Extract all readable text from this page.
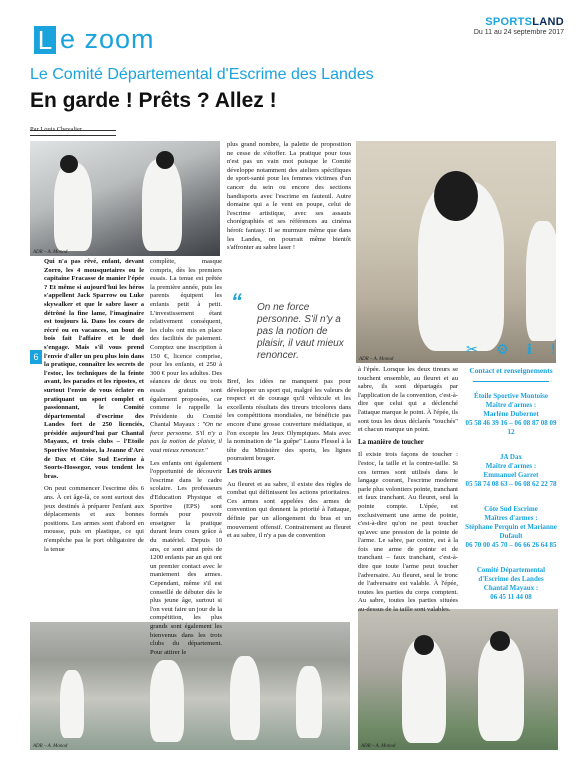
L e zoom
SPORTSLAND
Du 11 au 24 septembre 2017
Le Comité Départemental d'Escrime des Landes
En garde ! Prêts ? Allez !
Par Louis Chevalier
ADR – A. Monod
ADR – A. Monod
ADR – A. Monod	ADR – A. Monod
6

Qui n'a pas rêvé, enfant, devant Zorro, les 4 mousquetaires ou le capitaine Fracasse de manier l'épée ? Et même si aujourd'hui les héros s'appellent Jack Sparrow ou Luke skywalker et que le sabre laser a détrôné la fine lame, l'imaginaire est toujours là. Dans les cours de récré ou en vacances, un bout de bois fait l'affaire et le duel s'engage. Mais s'il vous prend l'envie d'aller un peu plus loin dans la pratique, connaître les secrets de l'estoc, les techniques de la feinte avant, les parades et les ripostes, et surtout l'envie de vous éclater en pratiquant un sport complet et passionnant, le Comité départemental d'escrime des Landes fort de 250 licenciés, présidée aujourd'hui par Chantal Mayaux, et trois clubs – l'Etoile Sportive Montoise, la Jeanne d'Arc de Dax et Côte Sud Escrime à Soorts-Hossegor, vous tendent les bras.

On peut commencer l'escrime dès 6 ans. À cet âge-là, ce sont surtout des jeux destinés à préparer l'enfant aux déplacements et aux bonnes positions. Les armes sont d'abord en mousse, puis en plastique, ce qui n'empêche pas le port obligatoire de la tenue

complète, masque compris, dès les premiers essais. La tenue est prêtée la première année, puis les parents équipent les enfants petit à petit. L'investissement étant relativement conséquent, les clubs ont mis en place des facilités de paiement. Comptez une inscription à 150 €, licence comprise, pour les enfants, et 250 à 300 € pour les adultes. Des séances de deux ou trois essais gratuits sont également proposées, car comme le rappelle la Présidente du Comité Chantal Mayaux : "On ne force personne. S'il n'y a pas la notion de plaisir, il vaut mieux renoncer."

Les enfants ont également l'opportunité de découvrir l'escrime dans le cadre scolaire. Les professeurs d'Education Physique et Sportive (EPS) sont formés pour pouvoir enseigner la pratique durant leurs cours grâce à du matériel. Depuis 10 ans, ce sont ainsi près de 1200 enfants par an qui ont un premier contact avec le maniement des armes. Cependant, même s'il est conseillé de débuter dès le plus jeune âge, surtout si l'on veut faire un jour de la compétition, les plus grands sont également les bienvenus dans les trois clubs du département. Pour attirer le

plus grand nombre, la palette de proposition ne cesse de s'étoffer. La pratique pour tous n'est pas un vain mot puisque le Comité développe notamment des ateliers spécifiques de sport-santé pour les femmes victimes d'un cancer du sein ou encore des sections handisports avec l'escrime en fauteuil. Autre domaine qui a le vent en poupe, celui de l'escrime artistique, avec ses assauts chorégraphiés et ses références au cinéma héroïc fantasy. Il se murmure même que dans les Landes, on pourrait même bientôt s'affronter au sabre laser !

“ On ne force personne. S'il n'y a pas la notion de plaisir, il vaut mieux renoncer.

Bref, les idées ne manquent pas pour développer un sport qui, malgré les valeurs de respect et de courage qu'il véhicule et les excellents résultats des tireurs tricolores dans les compétitions mondiales, ne bénéficie pas encore d'une grosse couverture médiatique, si l'on excepte les Jeux Olympiques. Mais avec la nomination de "la guêpe" Laura Flessel à la tête du Ministère des sports, les lignes pourraient bouger.

Les trois armes

Au fleuret et au sabre, il existe des règles de combat qui définissent les actions prioritaires. Ces armes sont appelées des armes de convention qui donnent la priorité à l'attaque, définie par un allongement du bras et un mouvement offensif. Contrairement au fleuret et au sabre, il n'y a pas de convention

à l'épée. Lorsque les deux tireurs se touchent ensemble, au fleuret et au sabre, ils sont départagés par l'application de la convention, c'est-à-dire que celui qui a déclenché l'attaque marque le point. À l'épée, ils sont tous les deux déclarés "touchés" et chacun marque un point.

La manière de toucher

Il existe trois façons de toucher : l'estoc, la taille et la contre-taille. Si ces termes sont utilisés dans le langage courant, l'escrime moderne parle plus volontiers pointe, tranchant et faux tranchant. Au fleuret, seul la pointe compte. L'épée, est exclusivement une arme de pointe, c'est-à-dire qu'on ne peut toucher qu'avec une pression de la pointe de l'arme. Le sabre, par contre, est à la fois une arme de pointe et de tranchant – faux tranchant, c'est-à-dire que toute l'arme peut toucher l'adversaire. Au fleuret, seul le tronc de l'adversaire est valable. À l'épée, toutes les parties du corps comptent. Au sabre, toutes les parties situées au-dessus de la taille sont valables.

✂ ⚙ ℹ !
Contact et renseignements
Étoile Sportive Montoise
Maître d'armes :
Marlène Dubernet
05 58 46 39 16 – 06 08 87 08 09 12
JA Dax
Maître d'armes :
Emmanuel Garret
05 58 74 08 63 – 06 08 62 22 78
Côte Sud Escrime
Maîtres d'armes :
Stéphane Perquin et Marianne Dufault
06 70 00 45 70 – 06 66 26 64 85
Comité Départemental d'Escrime des Landes
Chantal Mayaux :
06 45 11 44 08
